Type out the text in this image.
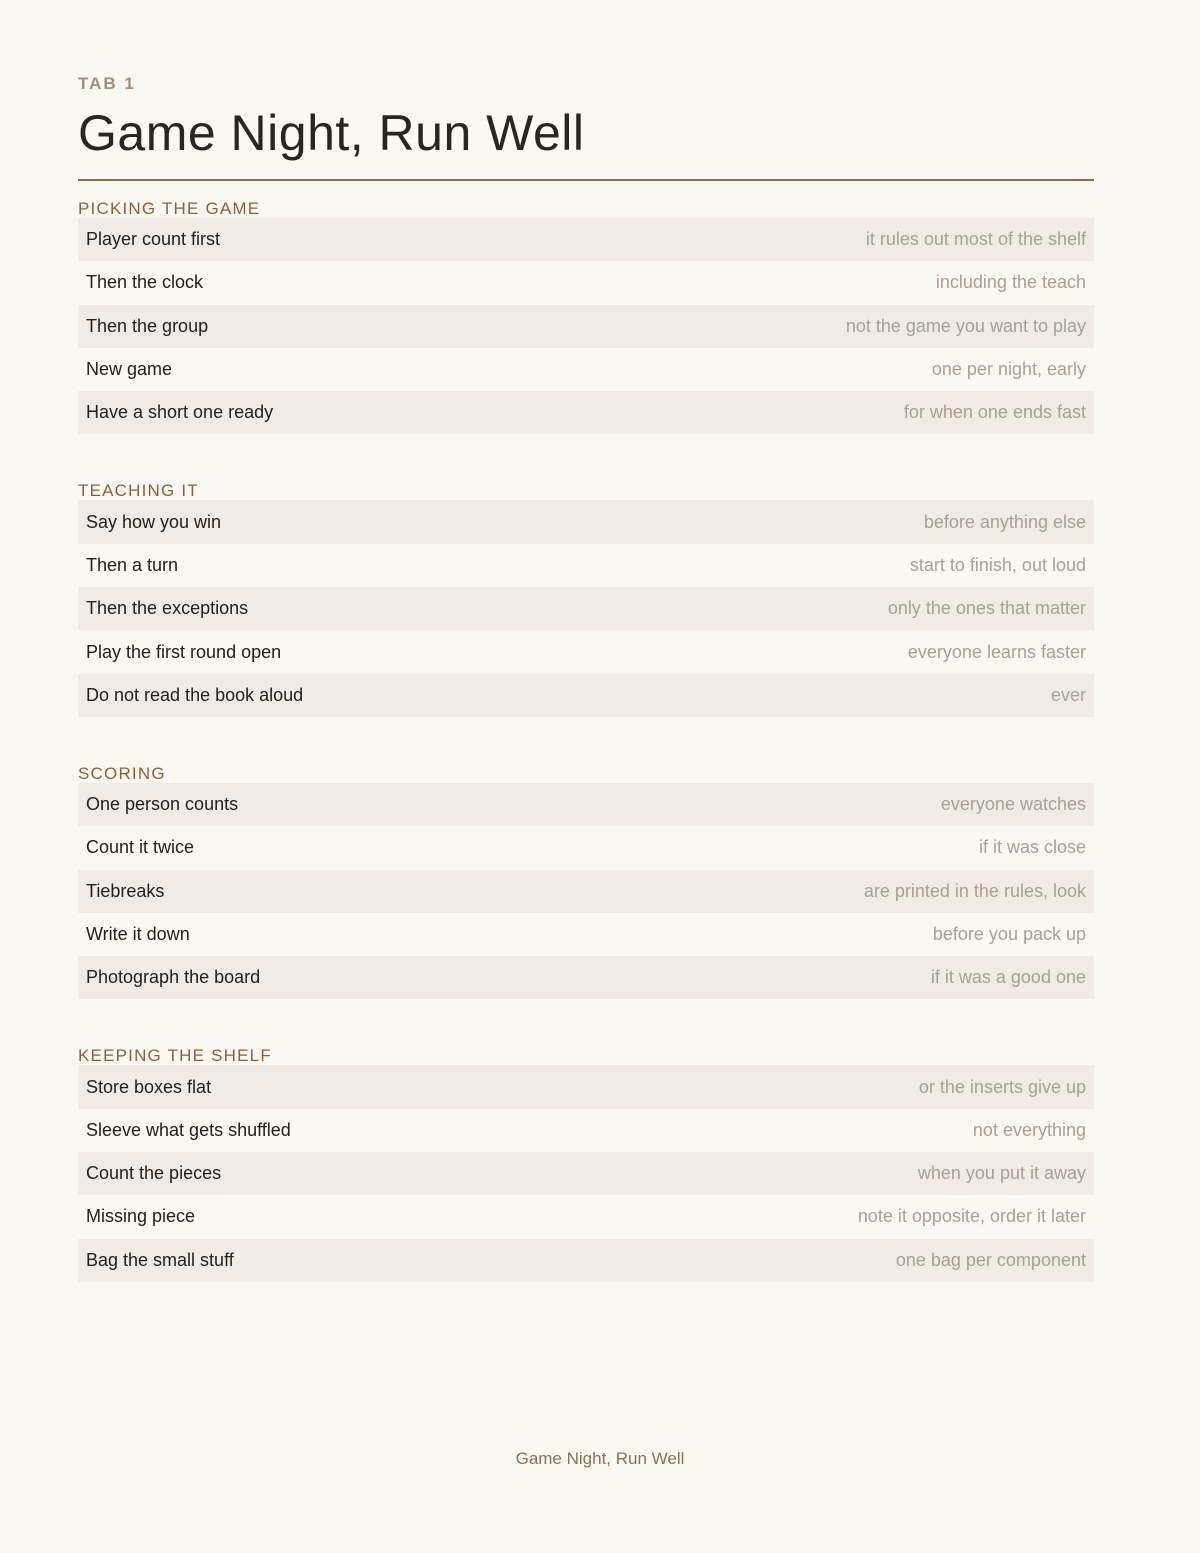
TAB 1
Game Night, Run Well
PICKING THE GAME
Player count first	it rules out most of the shelf
Then the clock	including the teach
Then the group	not the game you want to play
New game	one per night, early
Have a short one ready	for when one ends fast
TEACHING IT
Say how you win	before anything else
Then a turn	start to finish, out loud
Then the exceptions	only the ones that matter
Play the first round open	everyone learns faster
Do not read the book aloud	ever
SCORING
One person counts	everyone watches
Count it twice	if it was close
Tiebreaks	are printed in the rules, look
Write it down	before you pack up
Photograph the board	if it was a good one
KEEPING THE SHELF
Store boxes flat	or the inserts give up
Sleeve what gets shuffled	not everything
Count the pieces	when you put it away
Missing piece	note it opposite, order it later
Bag the small stuff	one bag per component
Game Night, Run Well
